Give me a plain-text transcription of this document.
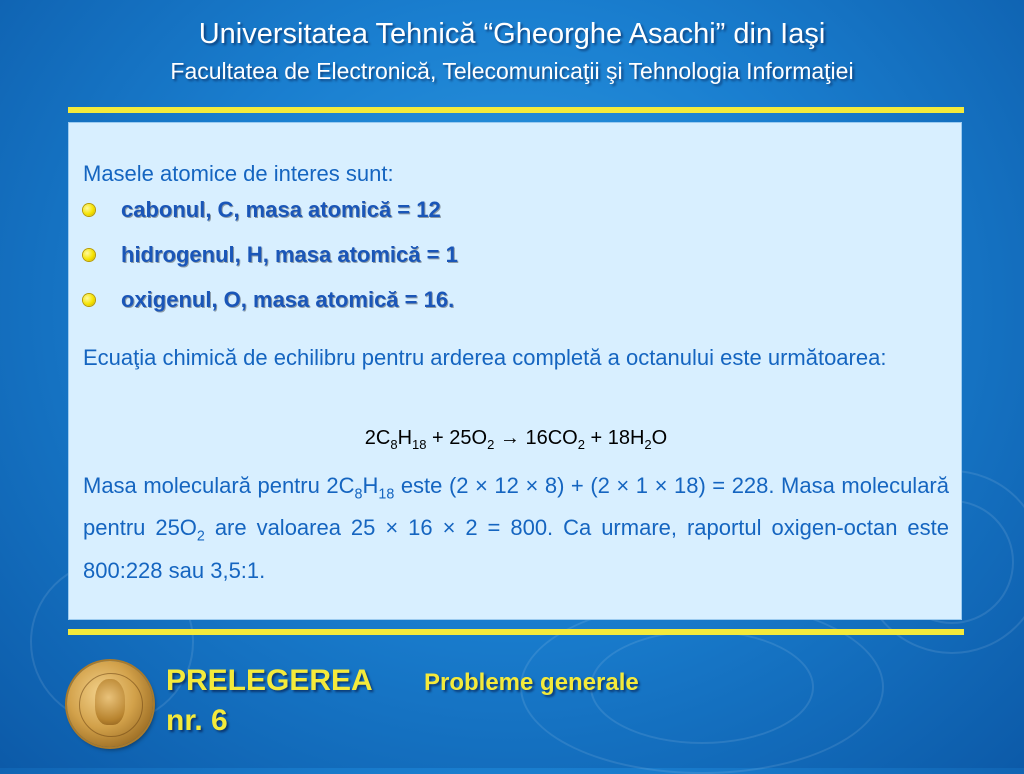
Universitatea Tehnică “Gheorghe Asachi” din Iaşi
Facultatea de Electronică, Telecomunicaţii şi Tehnologia Informaţiei
Masele atomice de interes sunt:
cabonul, C, masa atomică = 12
hidrogenul, H, masa atomică = 1
oxigenul, O, masa atomică = 16.
Ecuaţia chimică de echilibru pentru arderea completă a octanului este următoarea:
$2C_8H_{18} + 25O_2 \to 16CO_2 + 18H_2O$
Masa moleculară pentru $2C_8H_{18}$ este (2 × 12 × 8) + (2 × 1 × 18) = 228. Masa moleculară pentru $25O_2$ are valoarea 25 × 16 × 2 = 800. Ca urmare, raportul oxigen-octan este 800:228 sau 3,5:1.
PRELEGEREA
nr. 6
Probleme generale
